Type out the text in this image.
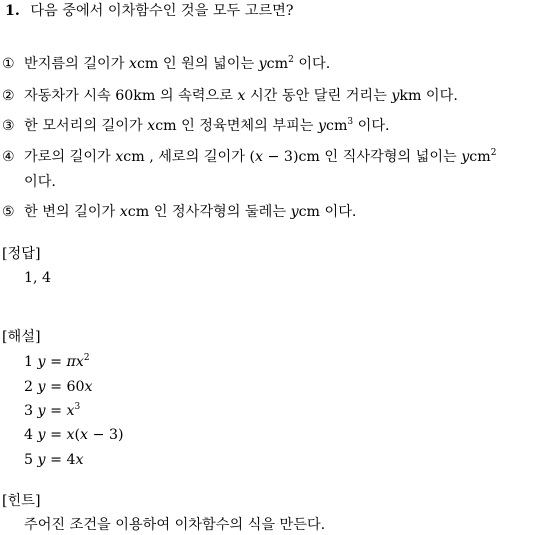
1. 다음 중에서 이차함수인 것을 모두 고르면?
① 반지름의 길이가 xcm 인 원의 넓이는 ycm$^2$ 이다.
② 자동차가 시속 60km 의 속력으로 x 시간 동안 달린 거리는 ykm 이다.
③ 한 모서리의 길이가 xcm 인 정육면체의 부피는 ycm$^3$ 이다.
④ 가로의 길이가 xcm , 세로의 길이가 (x − 3)cm 인 직사각형의 넓이는 ycm$^2$
이다.
⑤ 한 변의 길이가 xcm 인 정사각형의 둘레는 ycm 이다.
[정답]
1, 4
[해설]
1 $y = \pi x^2$
2 y = 60x
3 $y = x^3$
4 y = x(x − 3)
5 y = 4x
[힌트]
주어진 조건을 이용하여 이차함수의 식을 만든다.
